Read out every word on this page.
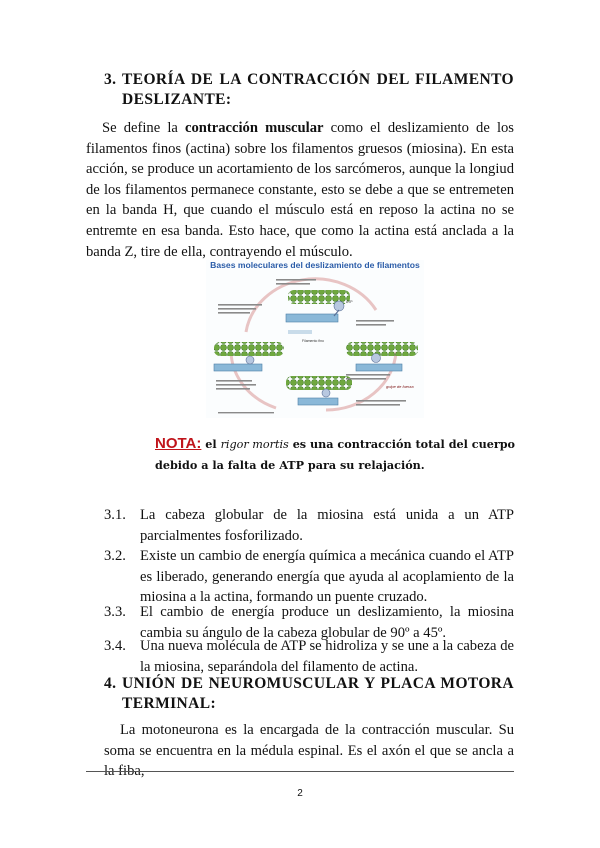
3. TEORÍA DE LA CONTRACCIÓN DEL FILAMENTO
DESLIZANTE:

Se define la contracción muscular como el deslizamiento de los filamentos finos (actina) sobre los filamentos gruesos (miosina). En esta acción, se produce un acortamiento de los sarcómeros, aunque la longiud de los filamentos permanece constante, esto se debe a que se entremeten en la banda H, que cuando el músculo está en reposo la actina no se entremte en esa banda. Esto hace, que como la actina está anclada a la banda Z, tire de ella, contrayendo el músculo.

Bases moleculares del deslizamiento de filamentos
Filamento fino
ATP
golpe de fuerza
NOTA: el rigor mortis es una contracción total del cuerpo debido a la falta de ATP para su relajación.
3.1. La cabeza globular de la miosina está unida a un ATP parcialmentes fosforilizado.
3.2. Existe un cambio de energía química a mecánica cuando el ATP es liberado, generando energía que ayuda al acoplamiento de la miosina a la actina, formando un puente cruzado.
3.3. El cambio de energía produce un deslizamiento, la miosina cambia su ángulo de la cabeza globular de 90º a 45º.
3.4. Una nueva molécula de ATP se hidroliza y se une a la cabeza de la miosina, separándola del filamento de actina.
4. UNIÓN DE NEUROMUSCULAR Y PLACA MOTORA
TERMINAL:

La motoneurona es la encargada de la contracción muscular. Su soma se encuentra en la médula espinal. Es el axón el que se ancla a la fiba,

2
